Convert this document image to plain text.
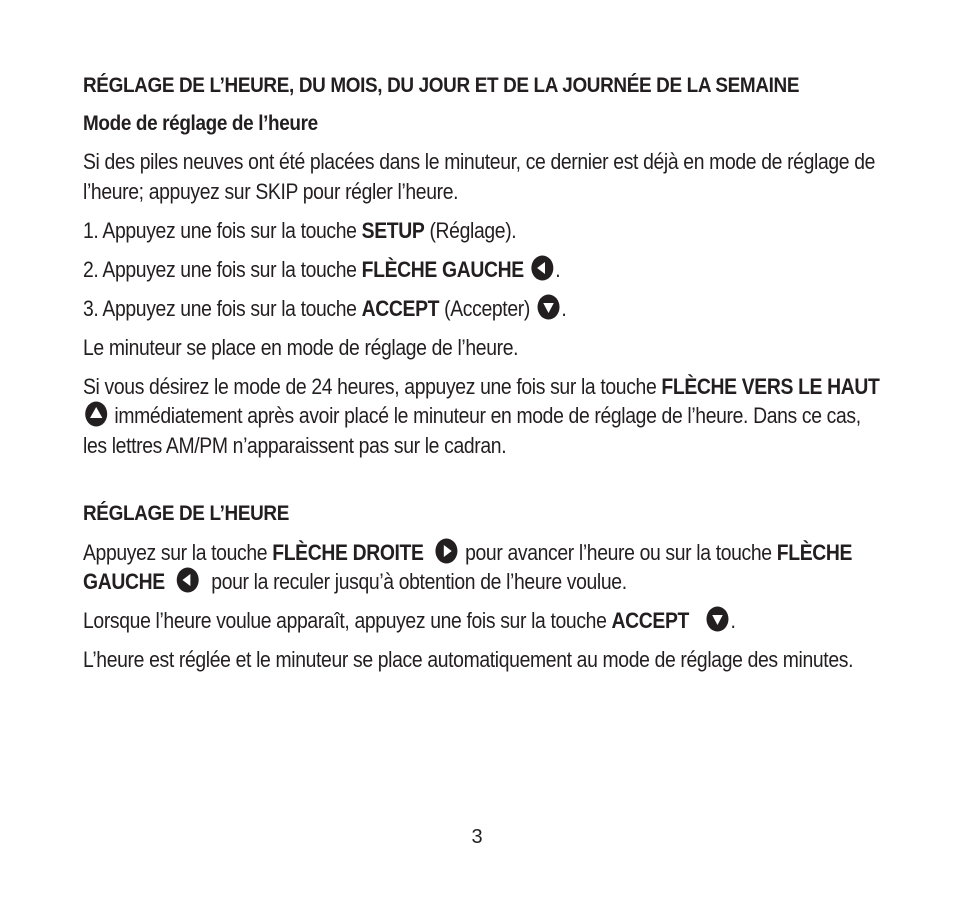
RÉGLAGE DE L’HEURE, DU MOIS, DU JOUR ET DE LA JOURNÉE DE LA SEMAINE

Mode de réglage de l’heure

Si des piles neuves ont été placées dans le minuteur, ce dernier est déjà en mode de réglage de l’heure; appuyez sur SKIP pour régler l’heure.

1. Appuyez une fois sur la touche SETUP (Réglage).

2. Appuyez une fois sur la touche FLÈCHE GAUCHE .

3. Appuyez une fois sur la touche ACCEPT (Accepter)
.

Le minuteur se place en mode de réglage de l’heure.

Si vous désirez le mode de 24 heures, appuyez une fois sur la touche FLÈCHE VERS LE HAUT
immédiatement après avoir placé le minuteur en mode de réglage de l’heure. Dans ce cas, les lettres AM/PM n’apparaissent pas sur le cadran.

RÉGLAGE DE L’HEURE

Appuyez sur la touche FLÈCHE DROITE
pour avancer l’heure ou sur la touche FLÈCHE GAUCHE
pour la reculer jusqu’à obtention de l’heure voulue.

Lorsque l’heure voulue apparaît, appuyez une fois sur la touche ACCEPT .

L’heure est réglée et le minuteur se place automatiquement au mode de réglage des minutes.

3
